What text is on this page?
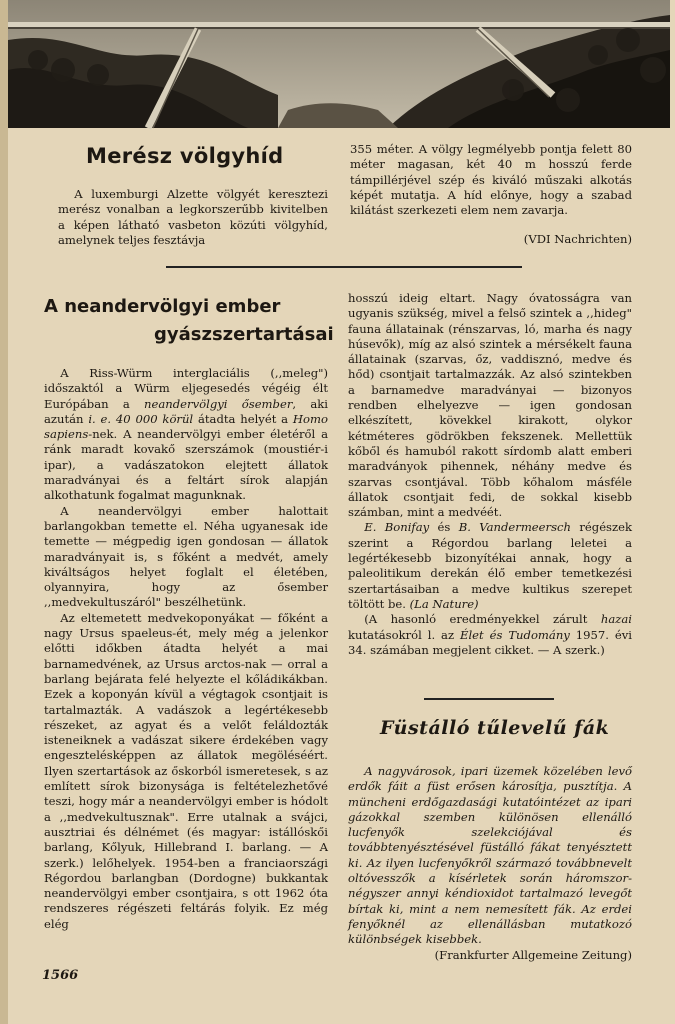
Merész völgyhíd

A luxemburgi Alzette völgyét keresztezi merész vonalban a legkorszerűbb kivitelben a képen látható vasbeton közúti völgyhíd, amelynek teljes fesztávja

355 méter. A völgy legmélyebb pontja felett 80 méter magasan, két 40 m hosszú ferde támpillérjével szép és kiváló műszaki alkotás képét mutatja. A híd előnye, hogy a szabad kilátást szerkezeti elem nem zavarja.

(VDI Nachrichten)

A neandervölgyi ember
gyászszertartásai

A Riss-Würm interglaciális (,,meleg") időszaktól a Würm eljegesedés végéig élt Európában a neandervölgyi ősember, aki azután i. e. 40 000 körül átadta helyét a Homo sapiens-nek. A neandervölgyi ember életéről a ránk maradt kovakő szerszámok (moustiér-i ipar), a vadászatokon elejtett állatok maradványai és a feltárt sírok alapján alkothatunk fogalmat magunknak.

A neandervölgyi ember halottait barlangokban temette el. Néha ugyanesak ide temette — mégpedig igen gondosan — állatok maradványait is, s főként a medvét, amely kiváltságos helyet foglalt el életében, olyannyira, hogy az ősember ,,medvekultuszáról" beszélhetünk.

Az eltemetett medvekoponyákat — főként a nagy Ursus spaeleus-ét, mely még a jelenkor előtti időkben átadta helyét a mai barnamedvének, az Ursus arctos-nak — orral a barlang bejárata felé helyezte el kőládikákban. Ezek a koponyán kívül a végtagok csontjait is tartalmazták. A vadászok a legértékesebb részeket, az agyat és a velőt feláldozták isteneiknek a vadászat sikere érdekében vagy engesztelésképpen az állatok megöléséért. Ilyen szertartások az őskorból ismeretesek, s az említett sírok bizonysága is feltételezhetővé teszi, hogy már a neandervölgyi ember is hódolt a ,,medvekultusznak". Erre utalnak a svájci, ausztriai és délnémet (és magyar: istállóskői barlang, Kőlyuk, Hillebrand I. barlang. — A szerk.) lelőhelyek. 1954-ben a franciaországi Régordou barlangban (Dordogne) bukkantak neandervölgyi ember csontjaira, s ott 1962 óta rendszeres régészeti feltárás folyik. Ez még elég

hosszú ideig eltart. Nagy óvatosságra van ugyanis szükség, mivel a felső szintek a ,,hideg" fauna állatainak (rénszarvas, ló, marha és nagy húsevők), míg az alsó szintek a mérsékelt fauna állatainak (szarvas, őz, vaddisznó, medve és hőd) csontjait tartalmazzák. Az alsó szintekben a barnamedve maradványai — bizonyos rendben elhelyezve — igen gondosan elkészített, kövekkel kirakott, olykor kétméteres gödrökben fekszenek. Mellettük kőből és hamuból rakott sírdomb alatt emberi maradványok pihennek, néhány medve és szarvas csontjával. Több kőhalom másféle állatok csontjait fedi, de sokkal kisebb számban, mint a medvéét.

E. Bonifay és B. Vandermeersch régészek szerint a Régordou barlang leletei a legértékesebb bizonyítékai annak, hogy a paleolitikum derekán élő ember temetkezési szertartásaiban a medve kultikus szerepet töltött be. (La Nature)

(A hasonló eredményekkel zárult hazai kutatásokról l. az Élet és Tudomány 1957. évi 34. számában megjelent cikket. — A szerk.)

Füstálló tűlevelű fák

A nagyvárosok, ipari üzemek közelében levő erdők fáit a füst erősen károsítja, pusztítja. A müncheni erdőgazdasági kutatóintézet az ipari gázokkal szemben különösen ellenálló lucfenyők szelekciójával és továbbtenyésztésével füstálló fákat tenyésztett ki. Az ilyen lucfenyőkről származó továbbnevelt oltóvesszők a kísérletek során háromszor-négyszer annyi kéndioxidot tartalmazó levegőt bírtak ki, mint a nem nemesített fák. Az erdei fenyőknél az ellenállásban mutatkozó különbségek kisebbek.

(Frankfurter Allgemeine Zeitung)

1566
